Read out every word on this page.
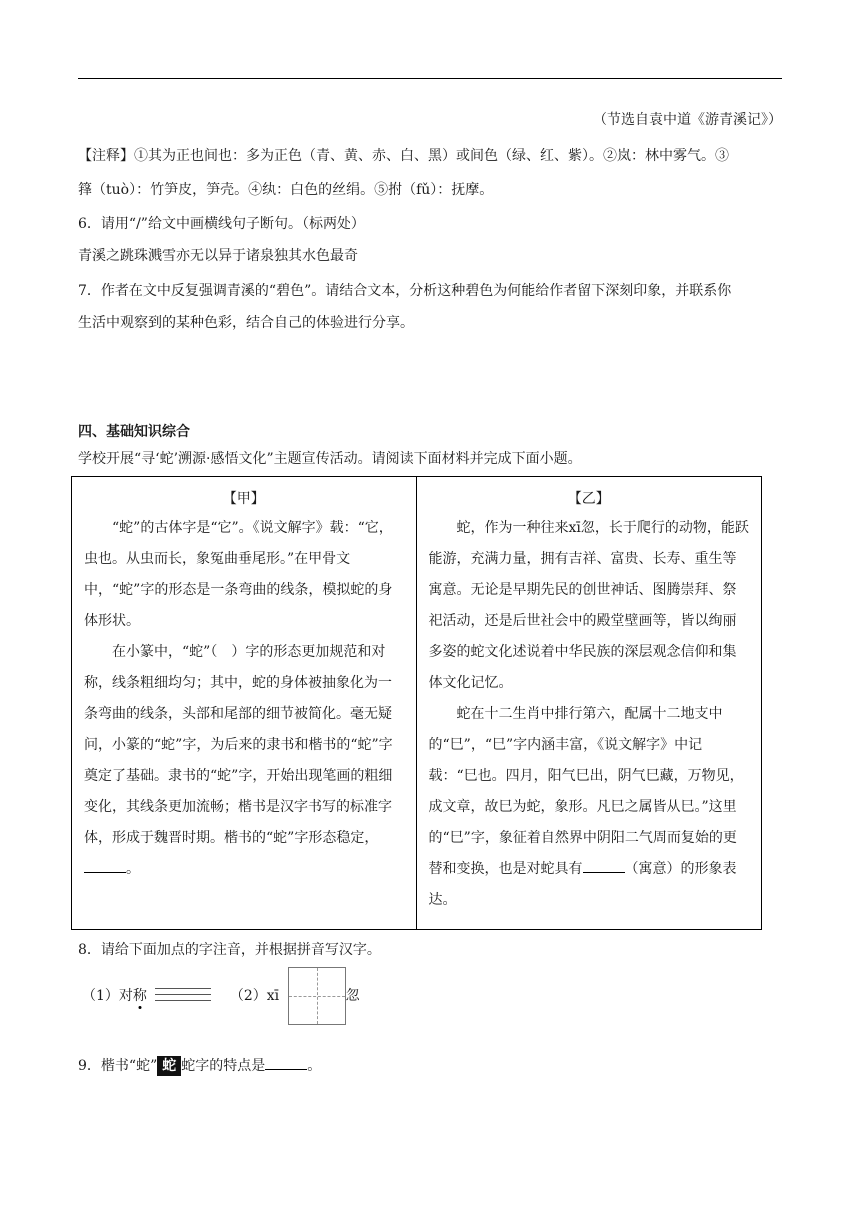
（节选自袁中道《游青溪记》）
【注释】①其为正也间也：多为正色（青、黄、赤、白、黑）或间色（绿、红、紫）。②岚：林中雾气。③
箨（tuò）：竹笋皮，笋壳。④纨：白色的丝绢。⑤拊（fǔ）：抚摩。
6．请用“/”给文中画横线句子断句。（标两处）
青溪之跳珠溅雪亦无以异于诸泉独其水色最奇
7．作者在文中反复强调青溪的“碧色”。请结合文本，分析这种碧色为何能给作者留下深刻印象，并联系你
生活中观察到的某种色彩，结合自己的体验进行分享。
四、基础知识综合
学校开展“寻‘蛇’溯源·感悟文化”主题宣传活动。请阅读下面材料并完成下面小题。
【甲】

“蛇”的古体字是“它”。《说文解字》载：“它，虫也。从虫而长，象冤曲垂尾形。”在甲骨文中，“蛇”字的形态是一条弯曲的线条，模拟蛇的身体形状。

在小篆中，“蛇”（　）字的形态更加规范和对称，线条粗细均匀；其中，蛇的身体被抽象化为一条弯曲的线条，头部和尾部的细节被简化。毫无疑问，小篆的“蛇”字，为后来的隶书和楷书的“蛇”字奠定了基础。隶书的“蛇”字，开始出现笔画的粗细变化，其线条更加流畅；楷书是汉字书写的标准字体，形成于魏晋时期。楷书的“蛇”字形态稳定，。

【乙】

蛇，作为一种往来xī忽，长于爬行的动物，能跃能游，充满力量，拥有吉祥、富贵、长寿、重生等寓意。无论是早期先民的创世神话、图腾崇拜、祭祀活动，还是后世社会中的殿堂壁画等，皆以绚丽多姿的蛇文化述说着中华民族的深层观念信仰和集体文化记忆。

蛇在十二生肖中排行第六，配属十二地支中的“巳”，“巳”字内涵丰富，《说文解字》中记载：“巳也。四月，阳气巳出，阴气巳藏，万物见，成文章，故巳为蛇，象形。凡巳之属皆从巳。”这里的“巳”字，象征着自然界中阴阳二气周而复始的更替和变换，也是对蛇具有	（寓意）的形象表达。

8．请给下面加点的字注音，并根据拼音写汉字。
（1）对称	（2）xī	忽
9．楷书“蛇” 蛇 蛇字的特点是	。
